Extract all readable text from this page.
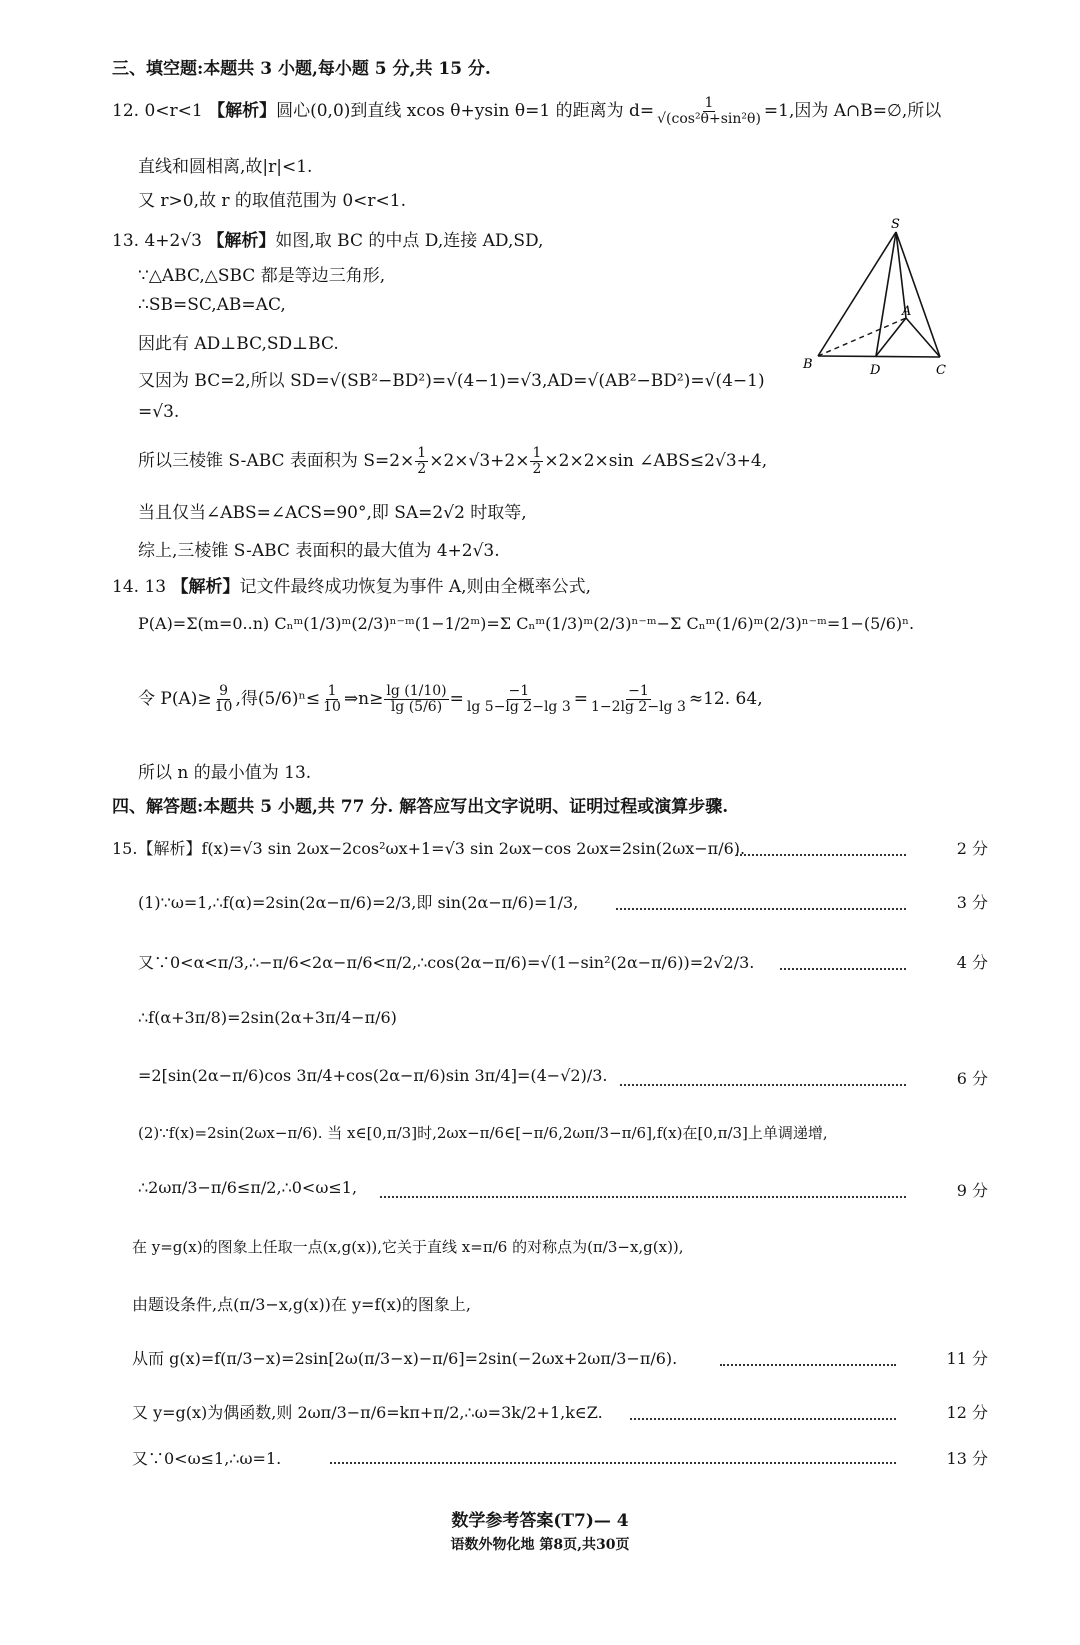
三、填空题:本题共 3 小题,每小题 5 分,共 15 分.
12. 0<r<1 【解析】圆心(0,0)到直线 xcos θ+ysin θ=1 的距离为 $d= \frac{1}{\text{√(cos²θ+sin²θ)}} =1$,因为 A∩B=∅,所以
直线和圆相离,故|r|<1.
又 r>0,故 r 的取值范围为 0<r<1.
13. 4+2√3 【解析】如图,取 BC 的中点 D,连接 AD,SD,
∵△ABC,△SBC 都是等边三角形,
∴SB=SC,AB=AC,
因此有 AD⊥BC,SD⊥BC.
又因为 BC=2,所以 SD=√(SB²−BD²)=√(4−1)=√3,AD=√(AB²−BD²)=√(4−1)
=√3.
所以三棱锥 S-ABC 表面积为 $S=2\times \frac{1}{2} \times 2\times√3+2\times \frac{1}{2} \times 2\times 2\times\sin$ ∠ABS≤2√3+4,
当且仅当∠ABS=∠ACS=90°,即 SA=2√2 时取等,
综上,三棱锥 S-ABC 表面积的最大值为 4+2√3.
S
A
B	D	C
14. 13 【解析】记文件最终成功恢复为事件 A,则由全概率公式,
P(A)=Σ(m=0..n) Cₙᵐ(1/3)ᵐ(2/3)ⁿ⁻ᵐ(1−1/2ᵐ)=Σ Cₙᵐ(1/3)ᵐ(2/3)ⁿ⁻ᵐ−Σ Cₙᵐ(1/6)ᵐ(2/3)ⁿ⁻ᵐ=1−(5/6)ⁿ.
令 $P(A)\ge \frac{9}{10}$ ,得$(5/6)^n\le \frac{1}{10}$ ⇒n≥ $\frac{\lg (1/10)}{\lg (5/6)} = \frac{-1}{\lg 5-\lg 2-\lg 3} = \frac{-1}{1-2\lg 2-\lg 3} \approx 12$. 64,
所以 n 的最小值为 13.
四、解答题:本题共 5 小题,共 77 分. 解答应写出文字说明、证明过程或演算步骤.
15.【解析】f(x)=√3 sin 2ωx−2cos²ωx+1=√3 sin 2ωx−cos 2ωx=2sin(2ωx−π/6).	2 分
(1)∵ω=1,∴f(α)=2sin(2α−π/6)=2/3,即 sin(2α−π/6)=1/3,	3 分
又∵0<α<π/3,∴−π/6<2α−π/6<π/2,∴cos(2α−π/6)=√(1−sin²(2α−π/6))=2√2/3.	4 分
∴f(α+3π/8)=2sin(2α+3π/4−π/6)
=2[sin(2α−π/6)cos 3π/4+cos(2α−π/6)sin 3π/4]=(4−√2)/3.	6 分
(2)∵f(x)=2sin(2ωx−π/6). 当 x∈[0,π/3]时,2ωx−π/6∈[−π/6,2ωπ/3−π/6],f(x)在[0,π/3]上单调递增,
∴2ωπ/3−π/6≤π/2,∴0<ω≤1,	9 分
在 y=g(x)的图象上任取一点(x,g(x)),它关于直线 x=π/6 的对称点为(π/3−x,g(x)),
由题设条件,点(π/3−x,g(x))在 y=f(x)的图象上,
从而 g(x)=f(π/3−x)=2sin[2ω(π/3−x)−π/6]=2sin(−2ωx+2ωπ/3−π/6).	11 分
又 y=g(x)为偶函数,则 2ωπ/3−π/6=kπ+π/2,∴ω=3k/2+1,k∈Z.	12 分
又∵0<ω≤1,∴ω=1.	13 分
数学参考答案(T7)— 4
语数外物化地 第8页,共30页
